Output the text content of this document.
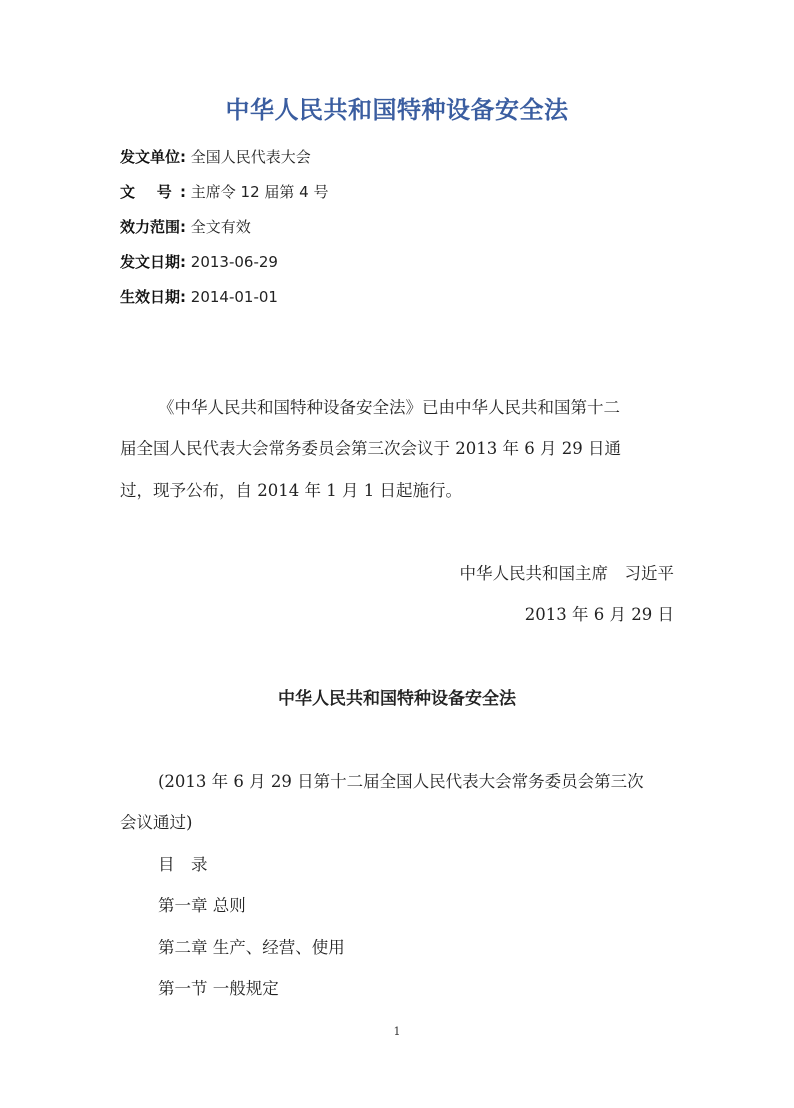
中华人民共和国特种设备安全法
发文单位: 全国人民代表大会
文 号: 主席令 12 届第 4 号
效力范围: 全文有效
发文日期: 2013-06-29
生效日期: 2014-01-01
《中华人民共和国特种设备安全法》已由中华人民共和国第十二
届全国人民代表大会常务委员会第三次会议于 2013 年 6 月 29 日通
过，现予公布，自 2014 年 1 月 1 日起施行。
中华人民共和国主席　习近平
2013 年 6 月 29 日
中华人民共和国特种设备安全法
(2013 年 6 月 29 日第十二届全国人民代表大会常务委员会第三次
会议通过)
目　录
第一章 总则
第二章 生产、经营、使用
第一节 一般规定
1
